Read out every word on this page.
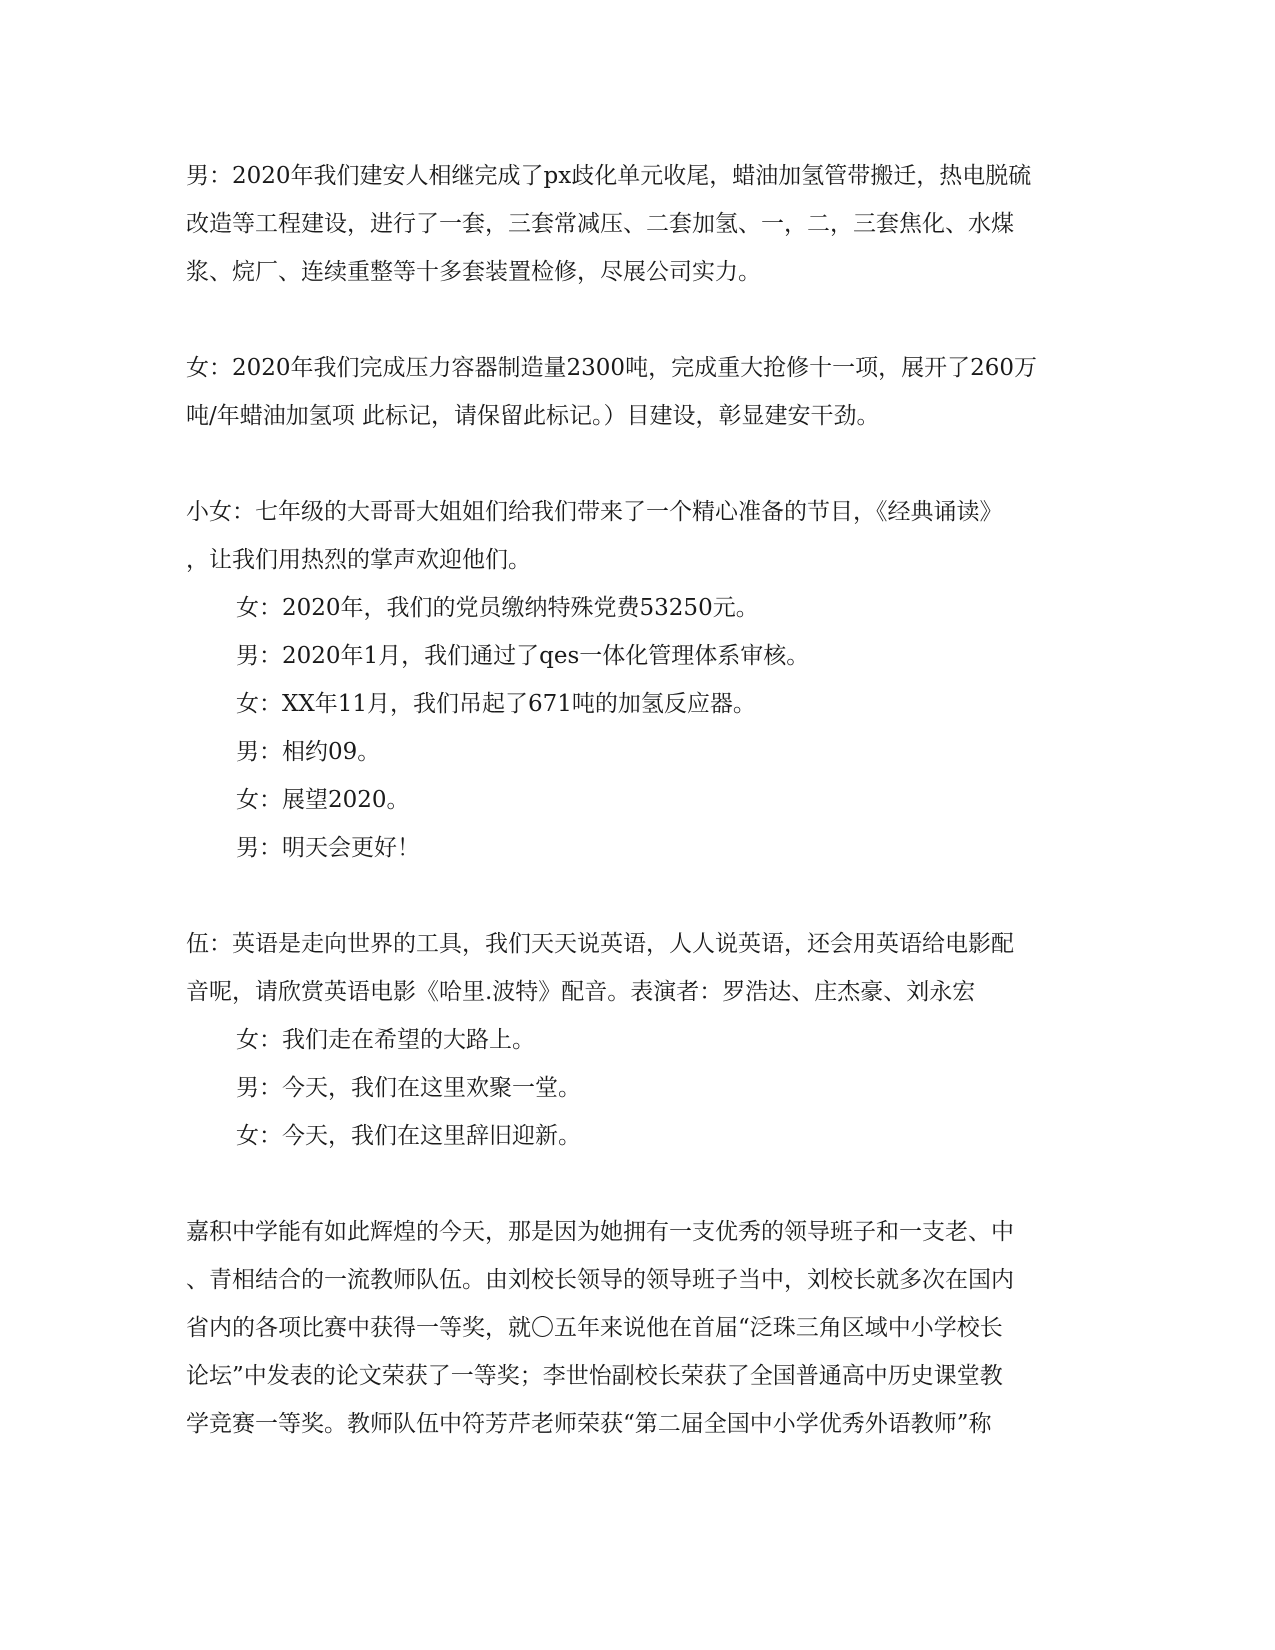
男：2020年我们建安人相继完成了px歧化单元收尾，蜡油加氢管带搬迁，热电脱硫
改造等工程建设，进行了一套，三套常减压、二套加氢、一，二，三套焦化、水煤
浆、烷厂、连续重整等十多套装置检修，尽展公司实力。
女：2020年我们完成压力容器制造量2300吨，完成重大抢修十一项，展开了260万
吨/年蜡油加氢项 此标记，请保留此标记。）目建设，彰显建安干劲。
小女：七年级的大哥哥大姐姐们给我们带来了一个精心准备的节目，《经典诵读》
，让我们用热烈的掌声欢迎他们。
女：2020年，我们的党员缴纳特殊党费53250元。
男：2020年1月，我们通过了qes一体化管理体系审核。
女：XX年11月，我们吊起了671吨的加氢反应器。
男：相约09。
女：展望2020。
男：明天会更好！
伍：英语是走向世界的工具，我们天天说英语，人人说英语，还会用英语给电影配
音呢，请欣赏英语电影《哈里.波特》配音。表演者：罗浩达、庄杰豪、刘永宏
女：我们走在希望的大路上。
男：今天，我们在这里欢聚一堂。
女：今天，我们在这里辞旧迎新。
嘉积中学能有如此辉煌的今天，那是因为她拥有一支优秀的领导班子和一支老、中
、青相结合的一流教师队伍。由刘校长领导的领导班子当中，刘校长就多次在国内
省内的各项比赛中获得一等奖，就〇五年来说他在首届“泛珠三角区域中小学校长
论坛”中发表的论文荣获了一等奖；李世怡副校长荣获了全国普通高中历史课堂教
学竞赛一等奖。教师队伍中符芳芹老师荣获“第二届全国中小学优秀外语教师”称
